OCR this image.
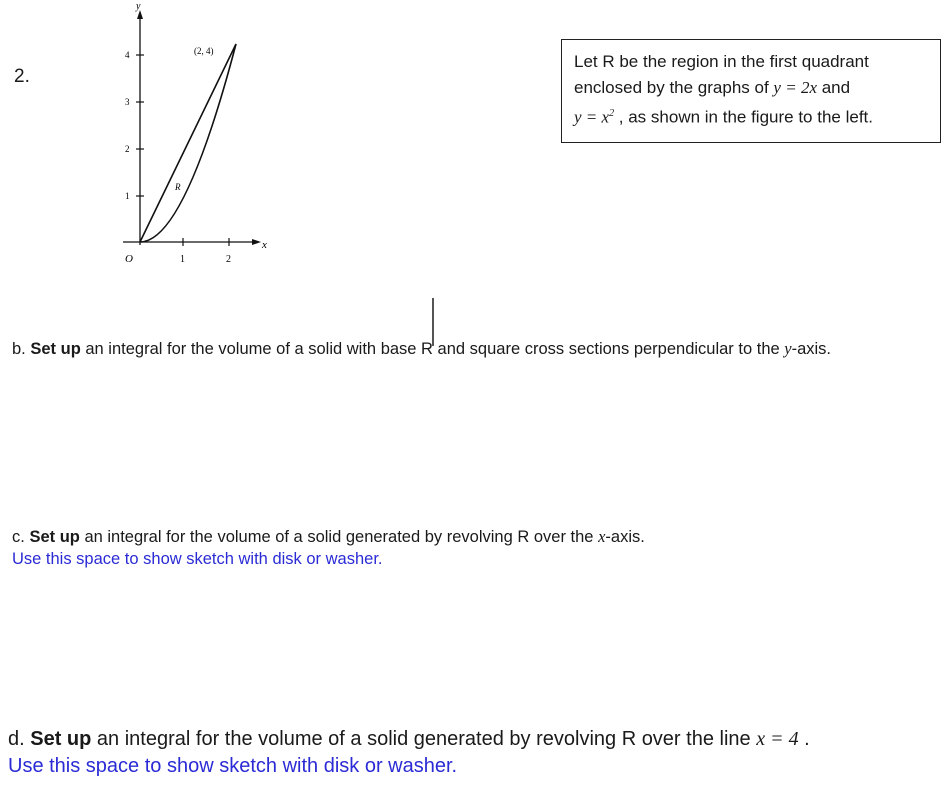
2.
y
x
O
4
3
2
1
1	2
(2, 4)
R
Let R be the region in the first quadrant
enclosed by the graphs of y = 2x and
$y = x^2$ , as shown in the figure to the left.
b. Set up an integral for the volume of a solid with base R and square cross sections perpendicular to the y-axis.
c. Set up an integral for the volume of a solid generated by revolving R over the x-axis.
Use this space to show sketch with disk or washer.
d. Set up an integral for the volume of a solid generated by revolving R over the line x = 4 .
Use this space to show sketch with disk or washer.
